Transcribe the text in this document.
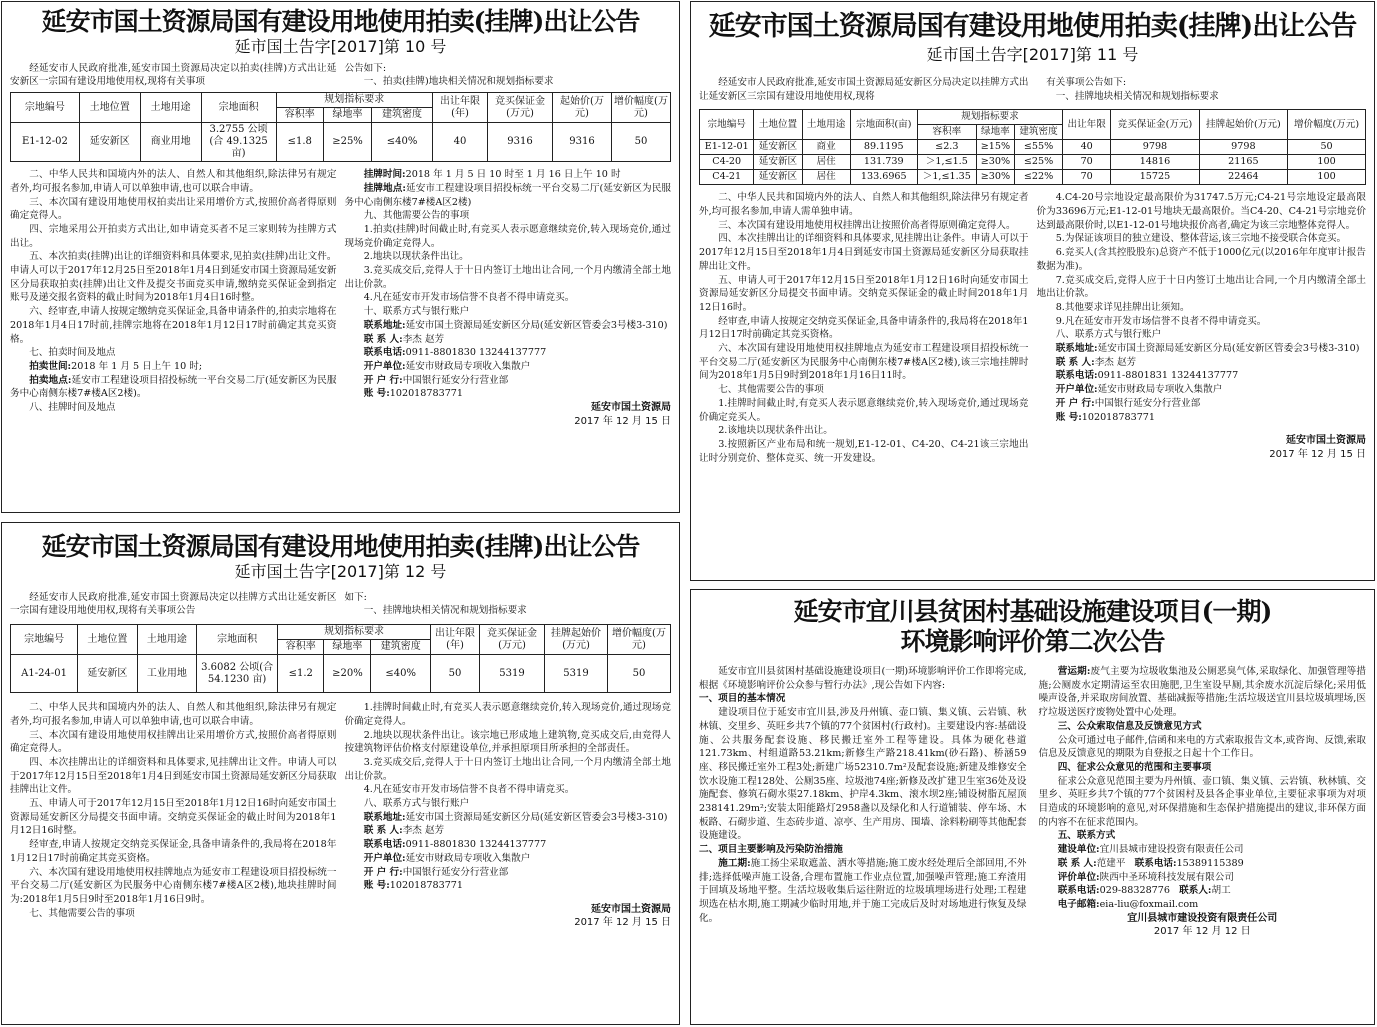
延安市国土资源局国有建设用地使用拍卖(挂牌)出让公告
延市国土告字[2017]第 10 号

经延安市人民政府批准,延安市国土资源局决定以拍卖(挂牌)方式出让延安新区一宗国有建设用地使用权,现将有关事项

公告如下:

一、拍卖(挂牌)地块相关情况和规划指标要求

宗地编号	土地位置	土地用途	宗地面积	规划指标要求			出让年限(年)	竞买保证金(万元)	起始价(万元)	增价幅度(万元)
				容积率	绿地率	建筑密度				
E1-12-02	延安新区	商业用地	3.2755 公顷(合 49.1325 亩)	≤1.8	≥25%	≤40%	40	9316	9316	50

二、中华人民共和国境内外的法人、自然人和其他组织,除法律另有规定者外,均可报名参加,申请人可以单独申请,也可以联合申请。

三、本次国有建设用地使用权拍卖出让采用增价方式,按照价高者得原则确定竞得人。

四、宗地采用公开拍卖方式出让,如申请竞买者不足三家则转为挂牌方式出让。

五、本次拍卖(挂牌)出让的详细资料和具体要求,见拍卖(挂牌)出让文件。申请人可以于2017年12月25日至2018年1月4日到延安市国土资源局延安新区分局获取拍卖(挂牌)出让文件及提交书面竞买申请,缴纳竞买保证金到指定账号及递交报名资料的截止时间为2018年1月4日16时整。

六、经审查,申请人按规定缴纳竞买保证金,具备申请条件的,拍卖宗地将在2018年1月4日17时前,挂牌宗地将在2018年1月12日17时前确定其竞买资格。

七、拍卖时间及地点

拍卖世间:2018 年 1 月 5 日上午 10 时;

拍卖地点:延安市工程建设项目招投标统一平台交易二厅(延安新区为民服务中心南侧东楼7#楼A区2楼)。

八、挂牌时间及地点

挂牌时间:2018 年 1 月 5 日 10 时至 1 月 16 日上午 10 时

挂牌地点:延安市工程建设项目招投标统一平台交易二厅(延安新区为民服务中心南侧东楼7#楼A区2楼)

九、其他需要公告的事项

1.拍卖(挂牌)时间截止时,有竞买人表示愿意继续竞价,转入现场竞价,通过现场竞价确定竞得人。

2.地块以现状条件出让。

3.竞买成交后,竞得人于十日内签订土地出让合同,一个月内缴清全部土地出让价款。

4.凡在延安市开发市场信誉不良者不得申请竞买。

十、联系方式与银行账户

联系地址:延安市国土资源局延安新区分局(延安新区管委会3号楼3-310)

联 系 人:李杰 赵芳

联系电话:0911-8801830 13244137777

开户单位:延安市财政局专项收入集散户

开 户 行:中国银行延安分行营业部

账 号:102018783771

延安市国土资源局
2017 年 12 月 15 日
延安市国土资源局国有建设用地使用拍卖(挂牌)出让公告
延市国土告字[2017]第 11 号

经延安市人民政府批准,延安市国土资源局延安新区分局决定以挂牌方式出让延安新区三宗国有建设用地使用权,现将

有关事项公告如下:

一、挂牌地块相关情况和规划指标要求

宗地编号	土地位置	土地用途	宗地面积(亩)	规划指标要求			出让年限	竞买保证金(万元)	挂牌起始价(万元)	增价幅度(万元)
				容积率	绿地率	建筑密度				
E1-12-01	延安新区	商业	89.1195	≤2.3	≥15%	≤55%	40	9798	9798	50
C4-20	延安新区	居住	131.739	＞1,≤1.5	≥30%	≤25%	70	14816	21165	100
C4-21	延安新区	居住	133.6965	＞1,≤1.35	≥30%	≤22%	70	15725	22464	100

二、中华人民共和国境内外的法人、自然人和其他组织,除法律另有规定者外,均可报名参加,申请人需单独申请。

三、本次国有建设用地使用权挂牌出让按照价高者得原则确定竞得人。

四、本次挂牌出让的详细资料和具体要求,见挂牌出让条件。申请人可以于2017年12月15日至2018年1月4日到延安市国土资源局延安新区分局获取挂牌出让文件。

五、申请人可于2017年12月15日至2018年1月12日16时向延安市国土资源局延安新区分局提交书面申请。交纳竞买保证金的截止时间2018年1月12日16时。

经审查,申请人按规定交纳竞买保证金,具备申请条件的,我局将在2018年1月12日17时前确定其竞买资格。

六、本次国有建设用地使用权挂牌地点为延安市工程建设项目招投标统一平台交易二厅(延安新区为民服务中心南侧东楼7#楼A区2楼),该三宗地挂牌时间为2018年1月5日9时到2018年1月16日11时。

七、其他需要公告的事项

1.挂牌时间截止时,有竞买人表示愿意继续竞价,转入现场竞价,通过现场竞价确定竞买人。

2.该地块以现状条件出让。

3.按照新区产业布局和统一规划,E1-12-01、C4-20、C4-21该三宗地出让时分别竞价、整体竞买、统一开发建设。

4.C4-20号宗地设定最高限价为31747.5万元;C4-21号宗地设定最高限价为33696万元;E1-12-01号地块无最高限价。当C4-20、C4-21号宗地竞价达到最高限价时,以E1-12-01号地块报价高者,确定为该三宗地整体竞得人。

5.为保证该项目的独立建设、整体营运,该三宗地不接受联合体竞买。

6.竞买人(含其控股股东)总资产不低于1000亿元(以2016年年度审计报告数据为准)。

7.竞买成交后,竞得人应于十日内签订土地出让合同,一个月内缴清全部土地出让价款。

8.其他要求详见挂牌出让须知。

9.凡在延安市开发市场信誉不良者不得申请竞买。

八、联系方式与银行账户

联系地址:延安市国土资源局延安新区分局(延安新区管委会3号楼3-310)

联 系 人:李杰 赵芳

联系电话:0911-8801831 13244137777

开户单位:延安市财政局专项收入集散户

开 户 行:中国银行延安分行营业部

账 号:102018783771

延安市国土资源局
2017 年 12 月 15 日
延安市国土资源局国有建设用地使用拍卖(挂牌)出让公告
延市国土告字[2017]第 12 号

经延安市人民政府批准,延安市国土资源局决定以挂牌方式出让延安新区一宗国有建设用地使用权,现将有关事项公告

如下:

一、挂牌地块相关情况和规划指标要求

宗地编号	土地位置	土地用途	宗地面积	规划指标要求			出让年限(年)	竞买保证金(万元)	挂牌起始价(万元)	增价幅度(万元)
				容积率	绿地率	建筑密度				
A1-24-01	延安新区	工业用地	3.6082 公顷(合 54.1230 亩)	≤1.2	≥20%	≤40%	50	5319	5319	50

二、中华人民共和国境内外的法人、自然人和其他组织,除法律另有规定者外,均可报名参加,申请人可以单独申请,也可以联合申请。

三、本次国有建设用地使用权挂牌出让采用增价方式,按照价高者得原则确定竞得人。

四、本次挂牌出让的详细资料和具体要求,见挂牌出让文件。申请人可以于2017年12月15日至2018年1月4日到延安市国土资源局延安新区分局获取挂牌出让文件。

五、申请人可于2017年12月15日至2018年1月12日16时向延安市国土资源局延安新区分局提交书面申请。交纳竞买保证金的截止时间为2018年1月12日16时整。

经审查,申请人按规定交纳竞买保证金,具备申请条件的,我局将在2018年1月12日17时前确定其竞买资格。

六、本次国有建设用地使用权挂牌地点为延安市工程建设项目招投标统一平台交易二厅(延安新区为民服务中心南侧东楼7#楼A区2楼),地块挂牌时间为:2018年1月5日9时至2018年1月16日9时。

七、其他需要公告的事项

1.挂牌时间截止时,有竞买人表示愿意继续竞价,转入现场竞价,通过现场竞价确定竞得人。

2.地块以现状条件出让。该宗地已形成地上建筑物,竞买成交后,由竞得人按建筑物评估价格支付原建设单位,并承担原项目所承担的全部责任。

3.竞买成交后,竞得人于十日内签订土地出让合同,一个月内缴清全部土地出让价款。

4.凡在延安市开发市场信誉不良者不得申请竞买。

八、联系方式与银行账户

联系地址:延安市国土资源局延安新区分局(延安新区管委会3号楼3-310)

联 系 人:李杰 赵芳

联系电话:0911-8801830 13244137777

开户单位:延安市财政局专项收入集散户

开 户 行:中国银行延安分行营业部

账 号:102018783771

延安市国土资源局
2017 年 12 月 15 日
延安市宜川县贫困村基础设施建设项目(一期)
环境影响评价第二次公告

延安市宜川县贫困村基础设施建设项目(一期)环境影响评价工作即将完成,根据《环境影响评价公众参与暂行办法》,现公告如下内容:

一、项目的基本情况

建设项目位于延安市宜川县,涉及丹州镇、壶口镇、集义镇、云岩镇、秋林镇、交里乡、英旺乡共7个镇的77个贫困村(行政村)。主要建设内容:基础设施、公共服务配套设施、移民搬迁室外工程等建设。具体为硬化巷道121.73km、村组道路53.21km;新修生产路218.41km(砂石路)、桥涵59座、移民搬迁室外工程3处;新建广场52310.7m²及配套设施;新建及维修安全饮水设施工程128处、公厕35座、垃圾池74座;新修及改扩建卫生室36处及设施配套、修筑石砌水渠27.18km、护岸4.3km、滚水坝2座;铺设树脂瓦屋顶238141.29m²;安装太阳能路灯2958盏以及绿化和人行道铺装、停车场、木板路、石砌步道、生态砖步道、凉亭、生产用房、围墙、涂料粉刷等其他配套设施建设。

二、项目主要影响及污染防治措施

施工期:施工扬尘采取遮盖、洒水等措施;施工废水经处理后全部回用,不外排;选择低噪声施工设备,合理布置施工作业点位置,加强噪声管理;施工弃渣用于回填及场地平整。生活垃圾收集后运往附近的垃圾填埋场进行处理;工程建坝选在枯水期,施工期减少临时用地,并于施工完成后及时对场地进行恢复及绿化。

营运期:废气主要为垃圾收集池及公厕恶臭气体,采取绿化、加强管理等措施;公厕废水定期清运至农田施肥,卫生室设早厕,其余废水沉淀后绿化;采用低噪声设备,并采取房间放置、基础减振等措施;生活垃圾送宜川县垃圾填埋场,医疗垃圾送医疗废物处置中心处理。

三、公众索取信息及反馈意见方式

公众可通过电子邮件,信函和来电的方式索取报告文本,或咨询、反馈,索取信息及反馈意见的期限为自登报之日起十个工作日。

四、征求公众意见的范围和主要事项

征求公众意见范围主要为丹州镇、壶口镇、集义镇、云岩镇、秋林镇、交里乡、英旺乡共7个镇的77个贫困村及县各企事业单位,主要征求事项为对项目造成的环境影响的意见,对环保措施和生态保护措施提出的建议,非环保方面的内容不在征求范围内。

五、联系方式

建设单位:宜川县城市建设投资有限责任公司

联 系 人:范建平 联系电话:15389115389

评价单位:陕西中圣环境科技发展有限公司

联系电话:029-88328776 联系人:胡工

电子邮箱:eia-liu@foxmail.com

宜川县城市建设投资有限责任公司
2017 年 12 月 12 日
